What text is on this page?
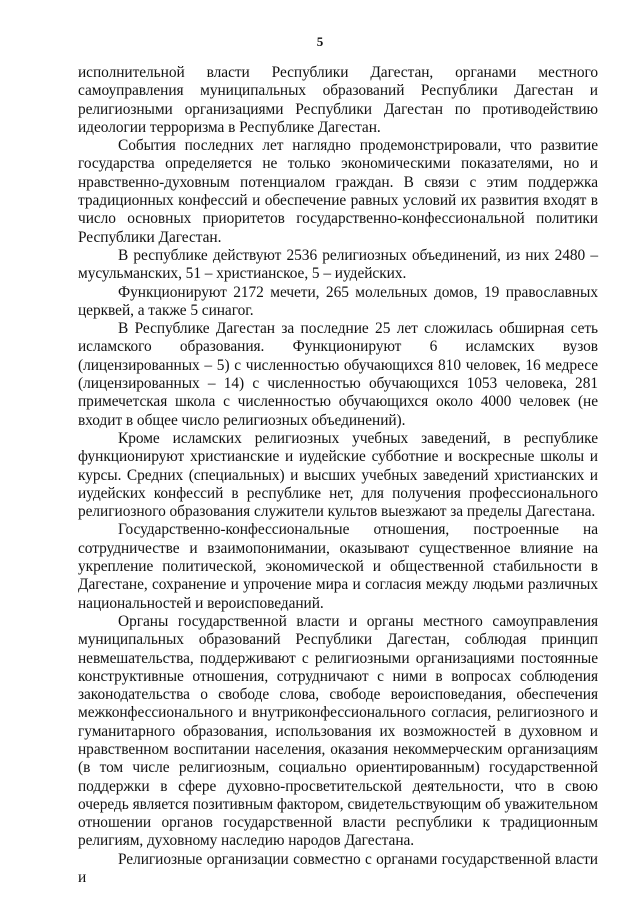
5

исполнительной власти Республики Дагестан, органами местного самоуправления муниципальных образований Республики Дагестан и религиозными организациями Республики Дагестан по противодействию идеологии терроризма в Республике Дагестан.

События последних лет наглядно продемонстрировали, что развитие государства определяется не только экономическими показателями, но и нравственно-духовным потенциалом граждан. В связи с этим поддержка традиционных конфессий и обеспечение равных условий их развития входят в число основных приоритетов государственно-конфессиональной политики Республики Дагестан.

В республике действуют 2536 религиозных объединений, из них 2480 – мусульманских, 51 – христианское, 5 – иудейских.

Функционируют 2172 мечети, 265 молельных домов, 19 православных церквей, а также 5 синагог.

В Республике Дагестан за последние 25 лет сложилась обширная сеть исламского образования. Функционируют 6 исламских вузов (лицензированных – 5) с численностью обучающихся 810 человек, 16 медресе (лицензированных – 14) с численностью обучающихся 1053 человека, 281 примечетская школа с численностью обучающихся около 4000 человек (не входит в общее число религиозных объединений).

Кроме исламских религиозных учебных заведений, в республике функционируют христианские и иудейские субботние и воскресные школы и курсы. Средних (специальных) и высших учебных заведений христианских и иудейских конфессий в республике нет, для получения профессионального религиозного образования служители культов выезжают за пределы Дагестана.

Государственно-конфессиональные отношения, построенные на сотрудничестве и взаимопонимании, оказывают существенное влияние на укрепление политической, экономической и общественной стабильности в Дагестане, сохранение и упрочение мира и согласия между людьми различных национальностей и вероисповеданий.

Органы государственной власти и органы местного самоуправления муниципальных образований Республики Дагестан, соблюдая принцип невмешательства, поддерживают с религиозными организациями постоянные конструктивные отношения, сотрудничают с ними в вопросах соблюдения законодательства о свободе слова, свободе вероисповедания, обеспечения межконфессионального и внутриконфессионального согласия, религиозного и гуманитарного образования, использования их возможностей в духовном и нравственном воспитании населения, оказания некоммерческим организациям (в том числе религиозным, социально ориентированным) государственной поддержки в сфере духовно-просветительской деятельности, что в свою очередь является позитивным фактором, свидетельствующим об уважительном отношении органов государственной власти республики к традиционным религиям, духовному наследию народов Дагестана.

Религиозные организации совместно с органами государственной власти и
